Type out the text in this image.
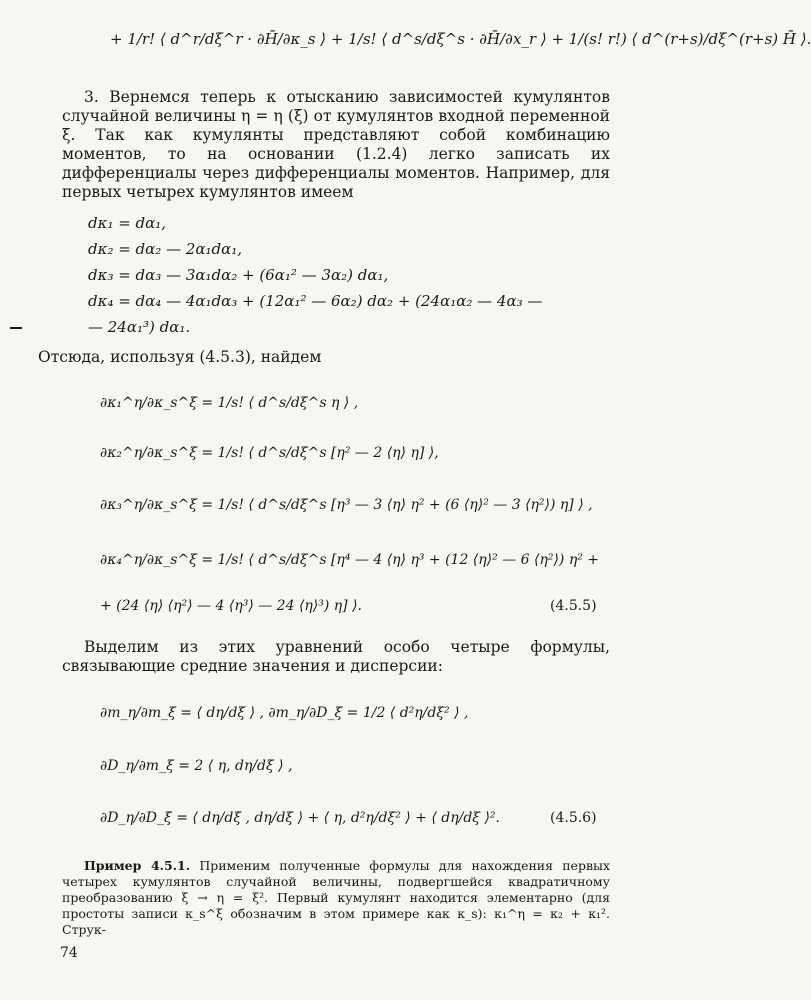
+ 1/r! ⟨ d^r/dξ^r · ∂H̄/∂κ_s ⟩ + 1/s! ⟨ d^s/dξ^s · ∂H̄/∂x_r ⟩ + 1/(s! r!) ⟨ d^(r+s)/dξ^(r+s) H̄ ⟩.

3. Вернемся теперь к отысканию зависимостей кумулянтов случайной величины η = η (ξ) от кумулянтов входной переменной ξ. Так как кумулянты представляют собой комбинацию моментов, то на основании (1.2.4) легко записать их дифференциалы через дифференциалы моментов. Например, для первых четырех кумулянтов имеем

dκ₁ = dα₁,
dκ₂ = dα₂ — 2α₁dα₁,
dκ₃ = dα₃ — 3α₁dα₂ + (6α₁² — 3α₂) dα₁,
dκ₄ = dα₄ — 4α₁dα₃ + (12α₁² — 6α₂) dα₂ + (24α₁α₂ — 4α₃ —
— 24α₁³) dα₁.

Отсюда, используя (4.5.3), найдем

∂κ₁^η/∂κ_s^ξ = 1/s! ⟨ d^s/dξ^s η ⟩ ,
∂κ₂^η/∂κ_s^ξ = 1/s! ⟨ d^s/dξ^s [η² — 2 ⟨η⟩ η] ⟩,
∂κ₃^η/∂κ_s^ξ = 1/s! ⟨ d^s/dξ^s [η³ — 3 ⟨η⟩ η² + (6 ⟨η⟩² — 3 ⟨η²⟩) η] ⟩ ,
∂κ₄^η/∂κ_s^ξ = 1/s! ⟨ d^s/dξ^s [η⁴ — 4 ⟨η⟩ η³ + (12 ⟨η⟩² — 6 ⟨η²⟩) η² +
+ (24 ⟨η⟩ ⟨η²⟩ — 4 ⟨η³⟩ — 24 ⟨η⟩³) η] ⟩.	(4.5.5)

Выделим из этих уравнений особо четыре формулы, связывающие средние значения и дисперсии:

∂m_η/∂m_ξ = ⟨ dη/dξ ⟩ , ∂m_η/∂D_ξ = 1/2 ⟨ d²η/dξ² ⟩ ,
∂D_η/∂m_ξ = 2 ⟨ η, dη/dξ ⟩ ,
∂D_η/∂D_ξ = ⟨ dη/dξ , dη/dξ ⟩ + ⟨ η, d²η/dξ² ⟩ + ⟨ dη/dξ ⟩².	(4.5.6)
Пример 4.5.1. Применим полученные формулы для нахождения первых четырех кумулянтов случайной величины, подвергшейся квадратичному преобразованию ξ → η = ξ². Первый кумулянт находится элементарно (для простоты записи κ_s^ξ обозначим в этом примере как κ_s): κ₁^η = κ₂ + κ₁². Струк-
74
